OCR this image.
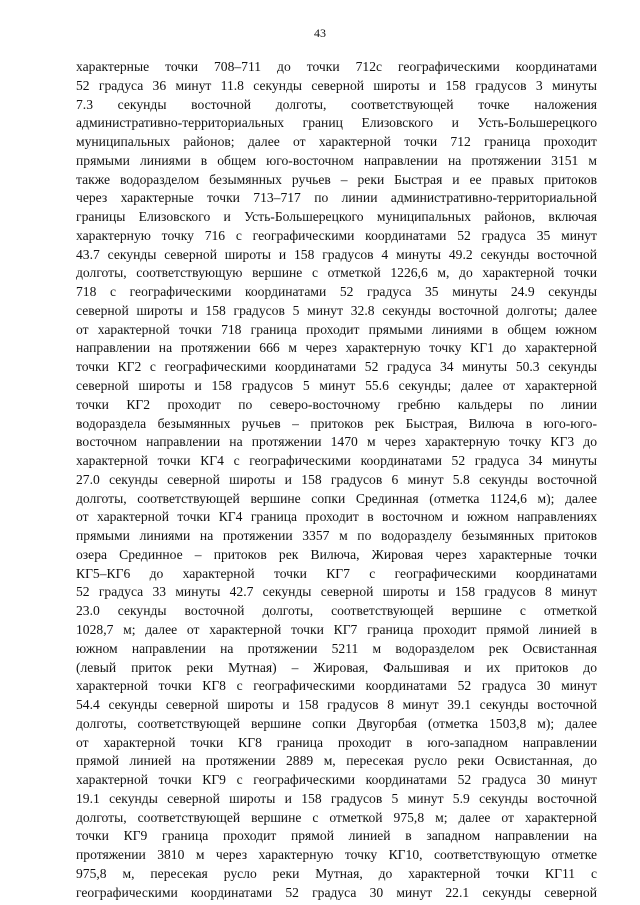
43
характерные точки 708–711 до точки 712с географическими координатами
52 градуса 36 минут 11.8 секунды северной широты и 158 градусов 3 минуты
7.3 секунды восточной долготы, соответствующей точке наложения
административно-территориальных границ Елизовского и Усть-Большерецкого
муниципальных районов; далее от характерной точки 712 граница проходит
прямыми линиями в общем юго-восточном направлении на протяжении 3151 м
также водоразделом безымянных ручьев – реки Быстрая и ее правых притоков
через характерные точки 713–717 по линии административно-территориальной
границы Елизовского и Усть-Большерецкого муниципальных районов, включая
характерную точку 716 с географическими координатами 52 градуса 35 минут
43.7 секунды северной широты и 158 градусов 4 минуты 49.2 секунды восточной
долготы, соответствующую вершине с отметкой 1226,6 м, до характерной точки
718 с географическими координатами 52 градуса 35 минуты 24.9 секунды
северной широты и 158 градусов 5 минут 32.8 секунды восточной долготы; далее
от характерной точки 718 граница проходит прямыми линиями в общем южном
направлении на протяжении 666 м через характерную точку КГ1 до характерной
точки КГ2 с географическими координатами 52 градуса 34 минуты 50.3 секунды
северной широты и 158 градусов 5 минут 55.6 секунды; далее от характерной
точки КГ2 проходит по северо-восточному гребню кальдеры по линии
водораздела безымянных ручьев – притоков рек Быстрая, Вилюча в юго-юго-
восточном направлении на протяжении 1470 м через характерную точку КГ3 до
характерной точки КГ4 с географическими координатами 52 градуса 34 минуты
27.0 секунды северной широты и 158 градусов 6 минут 5.8 секунды восточной
долготы, соответствующей вершине сопки Срединная (отметка 1124,6 м); далее
от характерной точки КГ4 граница проходит в восточном и южном направлениях
прямыми линиями на протяжении 3357 м по водоразделу безымянных притоков
озера Срединное – притоков рек Вилюча, Жировая через характерные точки
КГ5–КГ6 до характерной точки КГ7 с географическими координатами
52 градуса 33 минуты 42.7 секунды северной широты и 158 градусов 8 минут
23.0 секунды восточной долготы, соответствующей вершине с отметкой
1028,7 м; далее от характерной точки КГ7 граница проходит прямой линией в
южном направлении на протяжении 5211 м водоразделом рек Освистанная
(левый приток реки Мутная) – Жировая, Фальшивая и их притоков до
характерной точки КГ8 с географическими координатами 52 градуса 30 минут
54.4 секунды северной широты и 158 градусов 8 минут 39.1 секунды восточной
долготы, соответствующей вершине сопки Двугорбая (отметка 1503,8 м); далее
от характерной точки КГ8 граница проходит в юго-западном направлении
прямой линией на протяжении 2889 м, пересекая русло реки Освистанная, до
характерной точки КГ9 с географическими координатами 52 градуса 30 минут
19.1 секунды северной широты и 158 градусов 5 минут 5.9 секунды восточной
долготы, соответствующей вершине с отметкой 975,8 м; далее от характерной
точки КГ9 граница проходит прямой линией в западном направлении на
протяжении 3810 м через характерную точку КГ10, соответствующую отметке
975,8 м, пересекая русло реки Мутная, до характерной точки КГ11 с
географическими координатами 52 градуса 30 минут 22.1 секунды северной
